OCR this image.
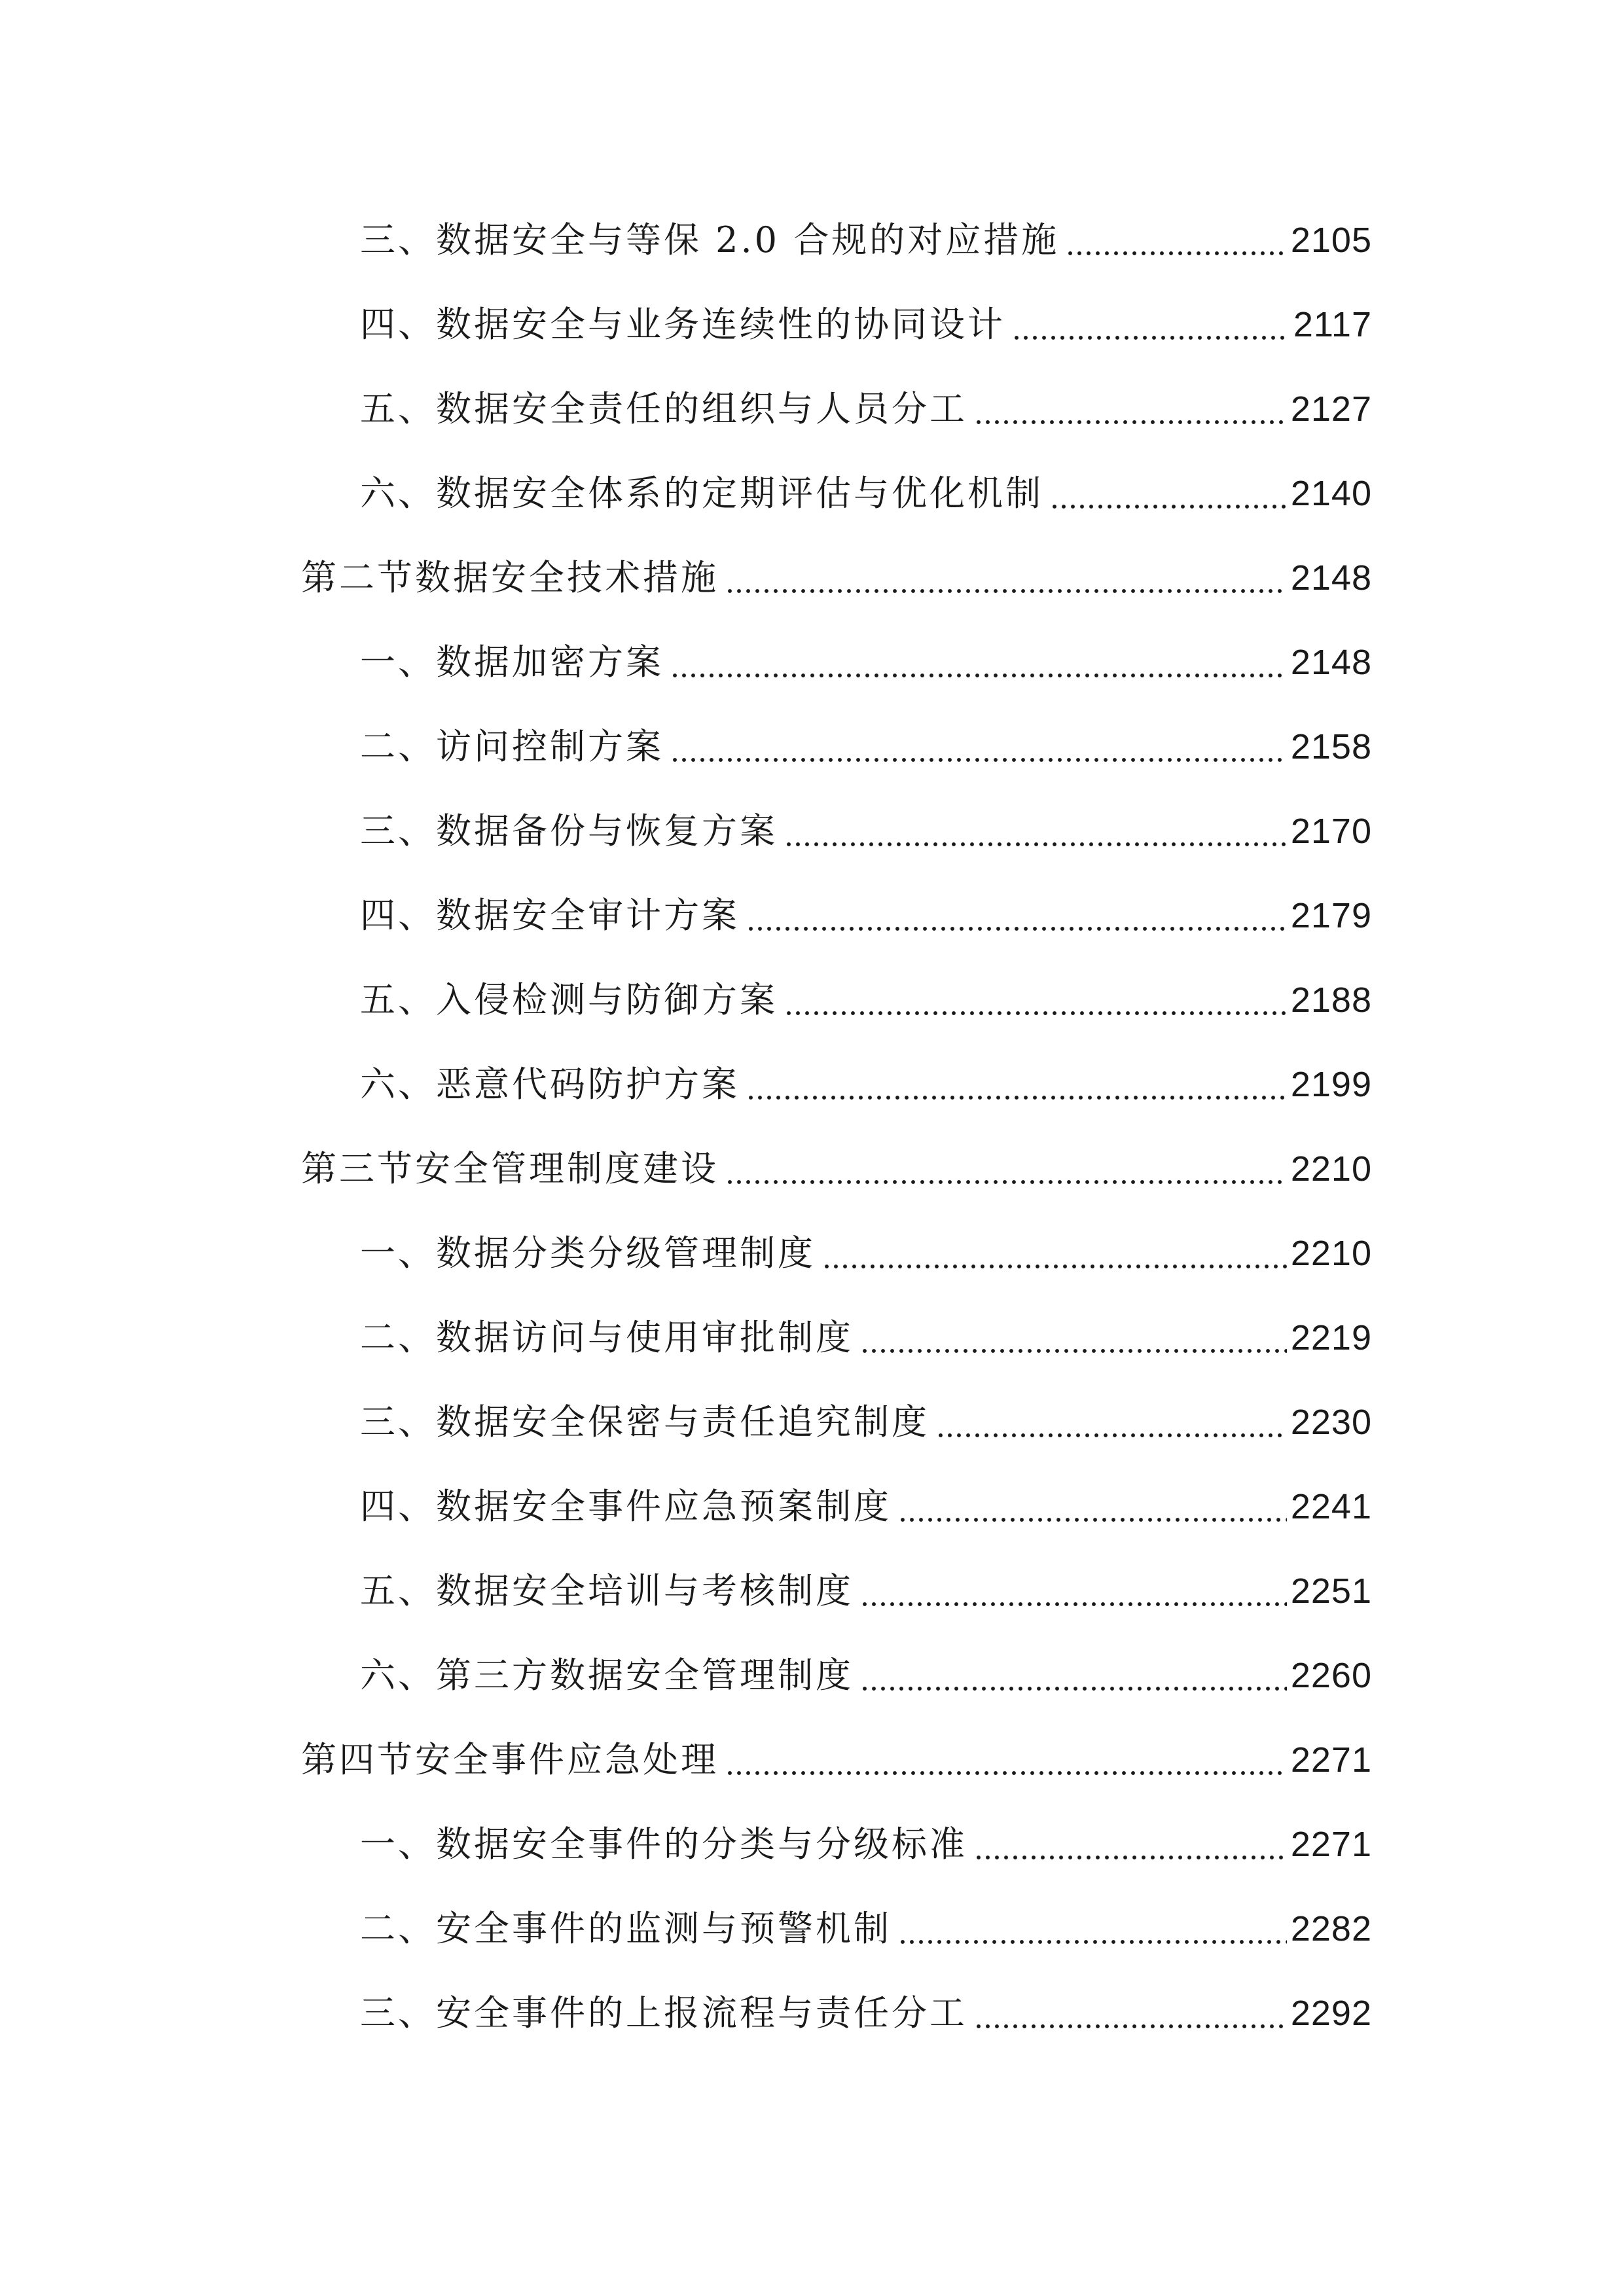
三、数据安全与等保 2.0 合规的对应措施	2105
四、数据安全与业务连续性的协同设计	2117
五、数据安全责任的组织与人员分工	2127
六、数据安全体系的定期评估与优化机制	2140
第二节数据安全技术措施	2148
一、数据加密方案	2148
二、访问控制方案	2158
三、数据备份与恢复方案	2170
四、数据安全审计方案	2179
五、入侵检测与防御方案	2188
六、恶意代码防护方案	2199
第三节安全管理制度建设	2210
一、数据分类分级管理制度	2210
二、数据访问与使用审批制度	2219
三、数据安全保密与责任追究制度	2230
四、数据安全事件应急预案制度	2241
五、数据安全培训与考核制度	2251
六、第三方数据安全管理制度	2260
第四节安全事件应急处理	2271
一、数据安全事件的分类与分级标准	2271
二、安全事件的监测与预警机制	2282
三、安全事件的上报流程与责任分工	2292
